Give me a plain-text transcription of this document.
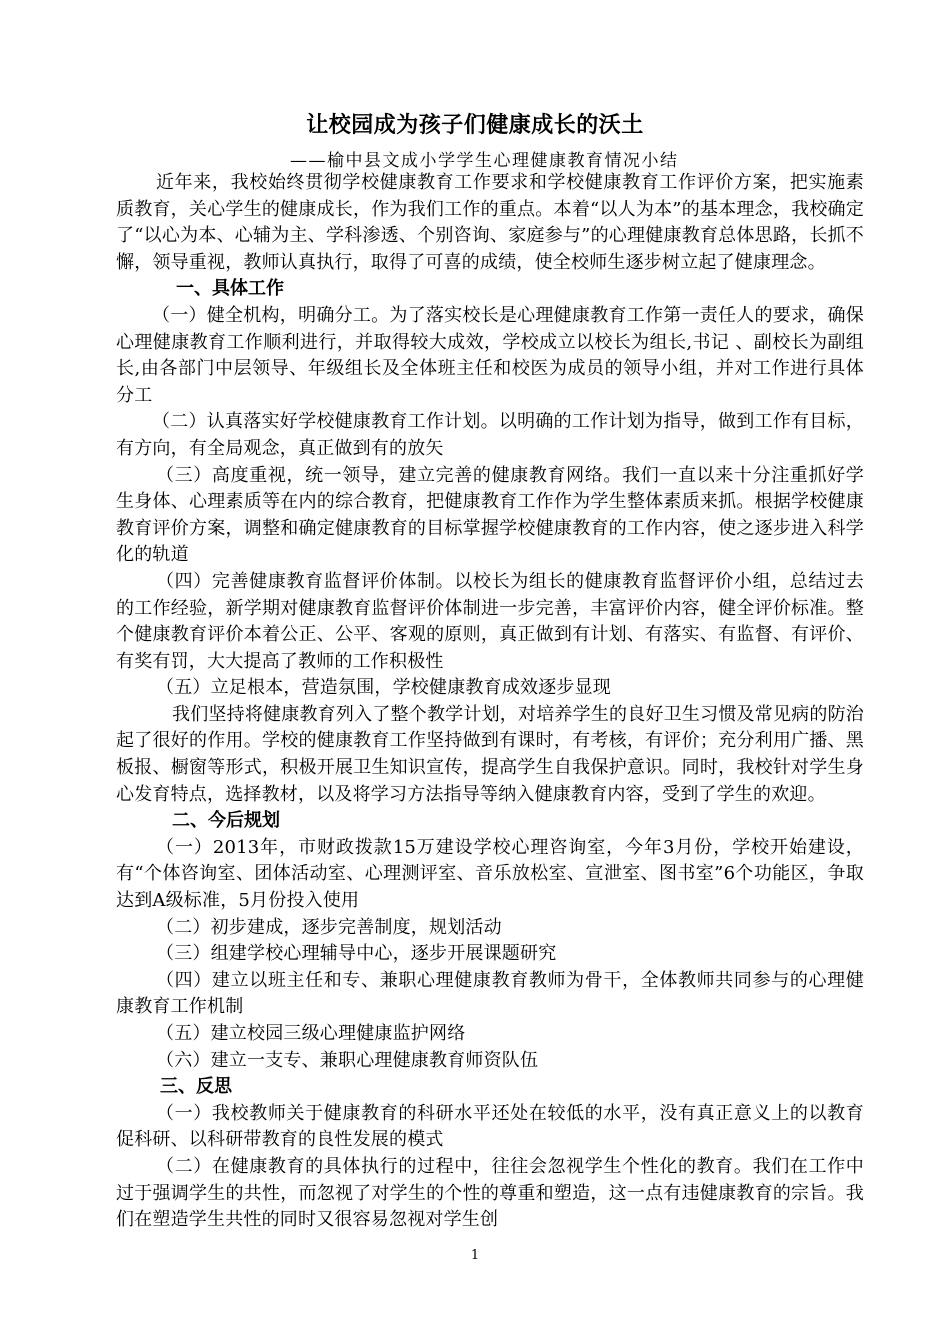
让校园成为孩子们健康成长的沃土
——榆中县文成小学学生心理健康教育情况小结

近年来，我校始终贯彻学校健康教育工作要求和学校健康教育工作评价方案，把实施素质教育，关心学生的健康成长，作为我们工作的重点。本着“以人为本”的基本理念，我校确定了“以心为本、心辅为主、学科渗透、个别咨询、家庭参与”的心理健康教育总体思路，长抓不懈，领导重视，教师认真执行，取得了可喜的成绩，使全校师生逐步树立起了健康理念。

一、具体工作

（一）健全机构，明确分工。为了落实校长是心理健康教育工作第一责任人的要求，确保心理健康教育工作顺利进行，并取得较大成效，学校成立以校长为组长,书记 、副校长为副组长,由各部门中层领导、年级组长及全体班主任和校医为成员的领导小组，并对工作进行具体分工

（二）认真落实好学校健康教育工作计划。以明确的工作计划为指导，做到工作有目标，有方向，有全局观念，真正做到有的放矢

（三）高度重视，统一领导，建立完善的健康教育网络。我们一直以来十分注重抓好学生身体、心理素质等在内的综合教育，把健康教育工作作为学生整体素质来抓。根据学校健康教育评价方案，调整和确定健康教育的目标掌握学校健康教育的工作内容，使之逐步进入科学化的轨道

（四）完善健康教育监督评价体制。以校长为组长的健康教育监督评价小组，总结过去的工作经验，新学期对健康教育监督评价体制进一步完善，丰富评价内容，健全评价标准。整个健康教育评价本着公正、公平、客观的原则，真正做到有计划、有落实、有监督、有评价、有奖有罚，大大提高了教师的工作积极性

（五）立足根本，营造氛围，学校健康教育成效逐步显现

我们坚持将健康教育列入了整个教学计划，对培养学生的良好卫生习惯及常见病的防治起了很好的作用。学校的健康教育工作坚持做到有课时，有考核，有评价；充分利用广播、黑板报、橱窗等形式，积极开展卫生知识宣传，提高学生自我保护意识。同时，我校针对学生身心发育特点，选择教材，以及将学习方法指导等纳入健康教育内容，受到了学生的欢迎。

二、今后规划

（一）2013年，市财政拨款15万建设学校心理咨询室，今年3月份，学校开始建设，有“个体咨询室、团体活动室、心理测评室、音乐放松室、宣泄室、图书室”6个功能区，争取达到A级标准，5月份投入使用

（二）初步建成，逐步完善制度，规划活动

（三）组建学校心理辅导中心，逐步开展课题研究

（四）建立以班主任和专、兼职心理健康教育教师为骨干，全体教师共同参与的心理健康教育工作机制

（五）建立校园三级心理健康监护网络

（六）建立一支专、兼职心理健康教育师资队伍

三、反思

（一）我校教师关于健康教育的科研水平还处在较低的水平，没有真正意义上的以教育促科研、以科研带教育的良性发展的模式

（二）在健康教育的具体执行的过程中，往往会忽视学生个性化的教育。我们在工作中过于强调学生的共性，而忽视了对学生的个性的尊重和塑造，这一点有违健康教育的宗旨。我们在塑造学生共性的同时又很容易忽视对学生创

1
